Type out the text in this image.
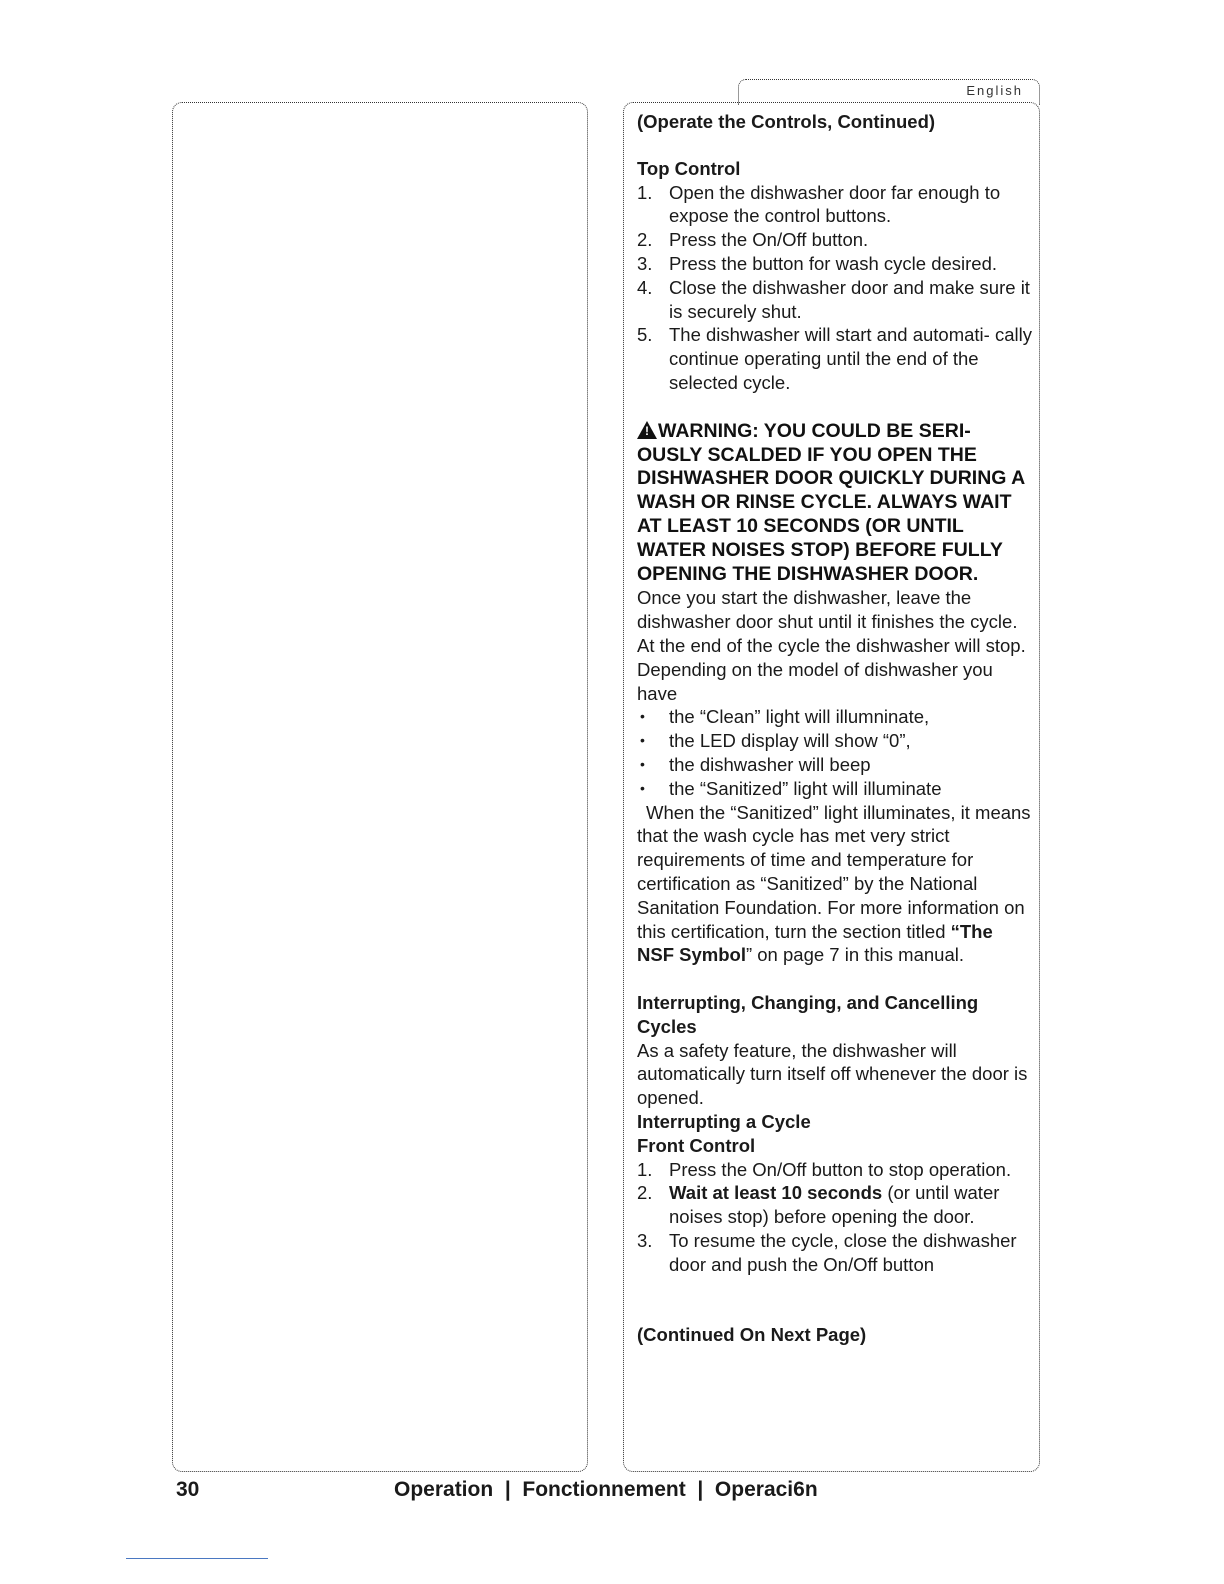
English

(Operate the Controls, Continued)

Top Control

1. Open the dishwasher door far enough to expose the control buttons.
2. Press the On/Off button.
3. Press the button for wash cycle desired.
4. Close the dishwasher door and make sure it is securely shut.
5. The dishwasher will start and automati- cally continue operating until the end of the selected cycle.
! WARNING: YOU COULD BE SERI- OUSLY SCALDED IF YOU OPEN THE DISHWASHER DOOR QUICKLY DURING A WASH OR RINSE CYCLE. ALWAYS WAIT AT LEAST 10 SECONDS (OR UNTIL WATER NOISES STOP) BEFORE FULLY OPENING THE DISHWASHER DOOR.

Once you start the dishwasher, leave the dishwasher door shut until it finishes the cycle. At the end of the cycle the dishwasher will stop. Depending on the model of dishwasher you have

• the “Clean” light will illumninate,
• the LED display will show “0”,
• the dishwasher will beep
• the “Sanitized” light will illuminate

When the “Sanitized” light illuminates, it means that the wash cycle has met very strict requirements of time and temperature for certification as “Sanitized” by the National Sanitation Foundation. For more information on this certification, turn the section titled “The NSF Symbol” on page 7 in this manual.

Interrupting, Changing, and Cancelling Cycles

As a safety feature, the dishwasher will automatically turn itself off whenever the door is opened.

Interrupting a Cycle

Front Control

1. Press the On/Off button to stop operation.
2. Wait at least 10 seconds (or until water noises stop) before opening the door.
3. To resume the cycle, close the dishwasher door and push the On/Off button

(Continued On Next Page)

30	Operation  |  Fonctionnement  |  Operaci6n
